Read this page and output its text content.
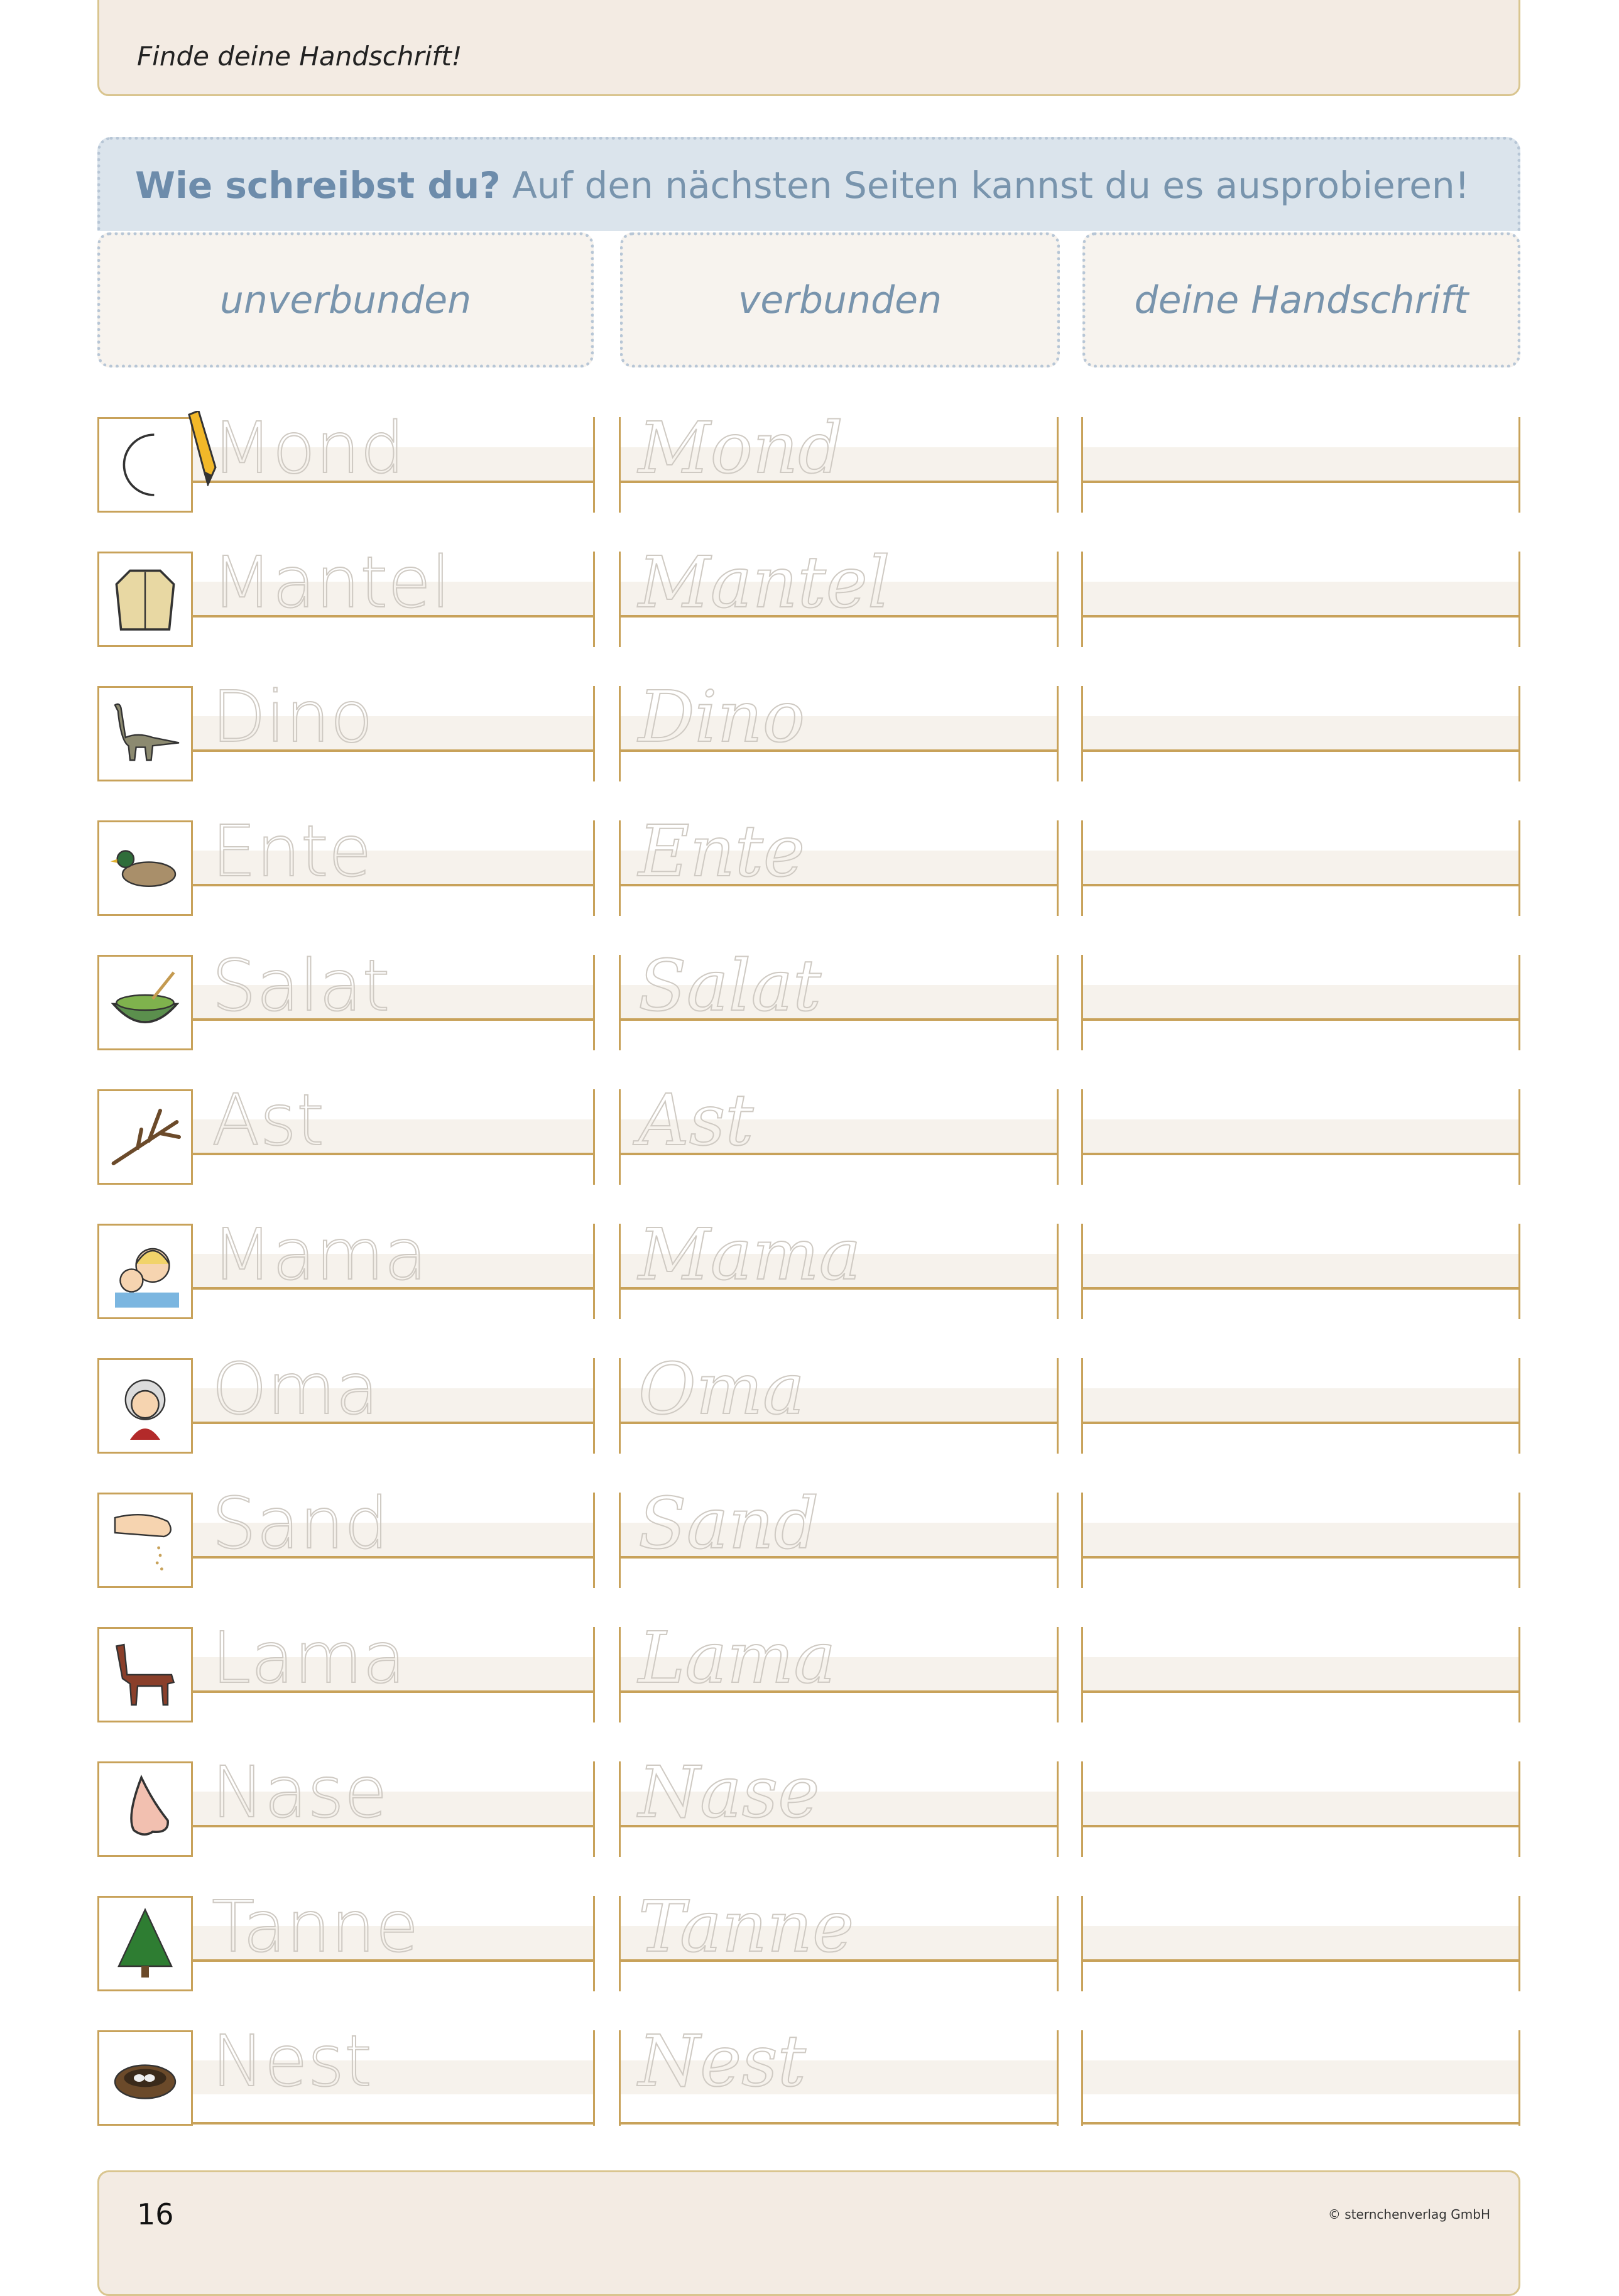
Finde deine Handschrift!
Wie schreibst du? Auf den nächsten Seiten kannst du es ausprobieren!
unverbunden	verbunden	deine Handschrift
Mond	Mond
Mantel	Mantel
Dino	Dino
Ente	Ente
Salat	Salat
Ast	Ast
Mama	Mama
Oma	Oma
Sand	Sand
Lama	Lama
Nase	Nase
Tanne	Tanne
Nest	Nest
16	© sternchenverlag GmbH
